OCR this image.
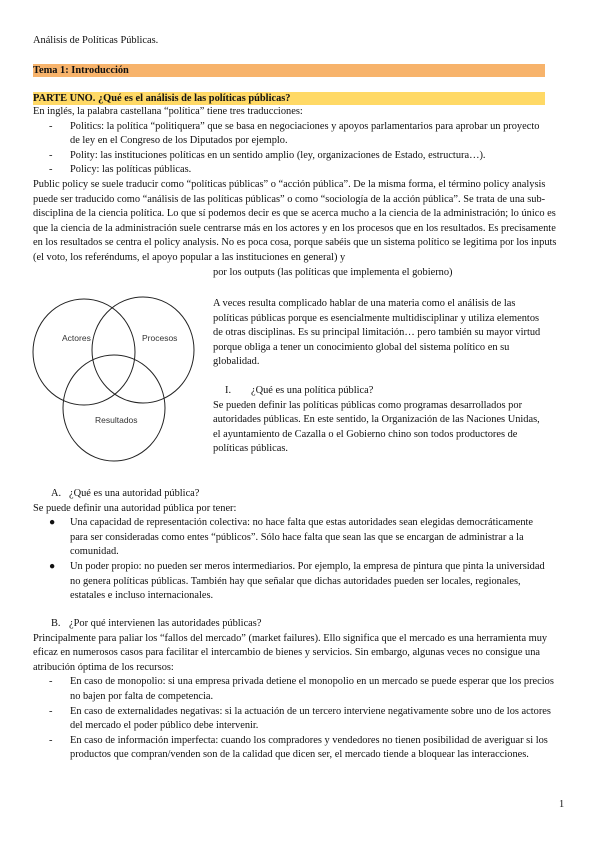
Análisis de Políticas Públicas.
Tema 1: Introducción
PARTE UNO. ¿Qué es el análisis de las políticas públicas?

En inglés, la palabra castellana “política” tiene tres traducciones:

- Politics: la política “politiquera” que se basa en negociaciones y apoyos parlamentarios para aprobar un proyecto de ley en el Congreso de los Diputados por ejemplo.
- Polity: las instituciones políticas en un sentido amplio (ley, organizaciones de Estado, estructura…).
- Policy: las políticas públicas.

Public policy se suele traducir como “políticas públicas” o “acción pública”. De la misma forma, el término policy analysis puede ser traducido como “análisis de las políticas públicas” o como “sociología de la acción pública”. Se trata de una sub-disciplina de la ciencia política. Lo que sí podemos decir es que se acerca mucho a la ciencia de la administración; lo único es que la ciencia de la administración suele centrarse más en los actores y en los procesos que en los resultados. Es precisamente en los resultados se centra el policy analysis. No es poca cosa, porque sabéis que un sistema político se legitima por los inputs (el voto, los referéndums, el apoyo popular a las instituciones en general) y

por los outputs (las políticas que implementa el gobierno)

Actores	Procesos
Resultados

A veces resulta complicado hablar de una materia como el análisis de las políticas públicas porque es esencialmente multidisciplinar y utiliza elementos de otras disciplinas. Es su principal limitación… pero también su mayor virtud porque obliga a tener un conocimiento global del sistema político en su globalidad.

I. ¿Qué es una política pública?

Se pueden definir las políticas públicas como programas desarrollados por autoridades públicas. En este sentido, la Organización de las Naciones Unidas, el ayuntamiento de Cazalla o el Gobierno chino son todos productores de políticas públicas.

A. ¿Qué es una autoridad pública?

Se puede definir una autoridad pública por tener:

● Una capacidad de representación colectiva: no hace falta que estas autoridades sean elegidas democráticamente para ser consideradas como entes “públicos”. Sólo hace falta que sean las que se encargan de administrar a la comunidad.
● Un poder propio: no pueden ser meros intermediarios. Por ejemplo, la empresa de pintura que pinta la universidad no genera políticas públicas. También hay que señalar que dichas autoridades pueden ser locales, regionales, estatales e incluso internacionales.

B. ¿Por qué intervienen las autoridades públicas?

Principalmente para paliar los “fallos del mercado” (market failures). Ello significa que el mercado es una herramienta muy eficaz en numerosos casos para facilitar el intercambio de bienes y servicios. Sin embargo, algunas veces no consigue una atribución óptima de los recursos:

- En caso de monopolio: si una empresa privada detiene el monopolio en un mercado se puede esperar que los precios no bajen por falta de competencia.
- En caso de externalidades negativas: si la actuación de un tercero interviene negativamente sobre uno de los actores del mercado el poder público debe intervenir.
- En caso de información imperfecta: cuando los compradores y vendedores no tienen posibilidad de averiguar si los productos que compran/venden son de la calidad que dicen ser, el mercado tiende a bloquear las interacciones.
1
